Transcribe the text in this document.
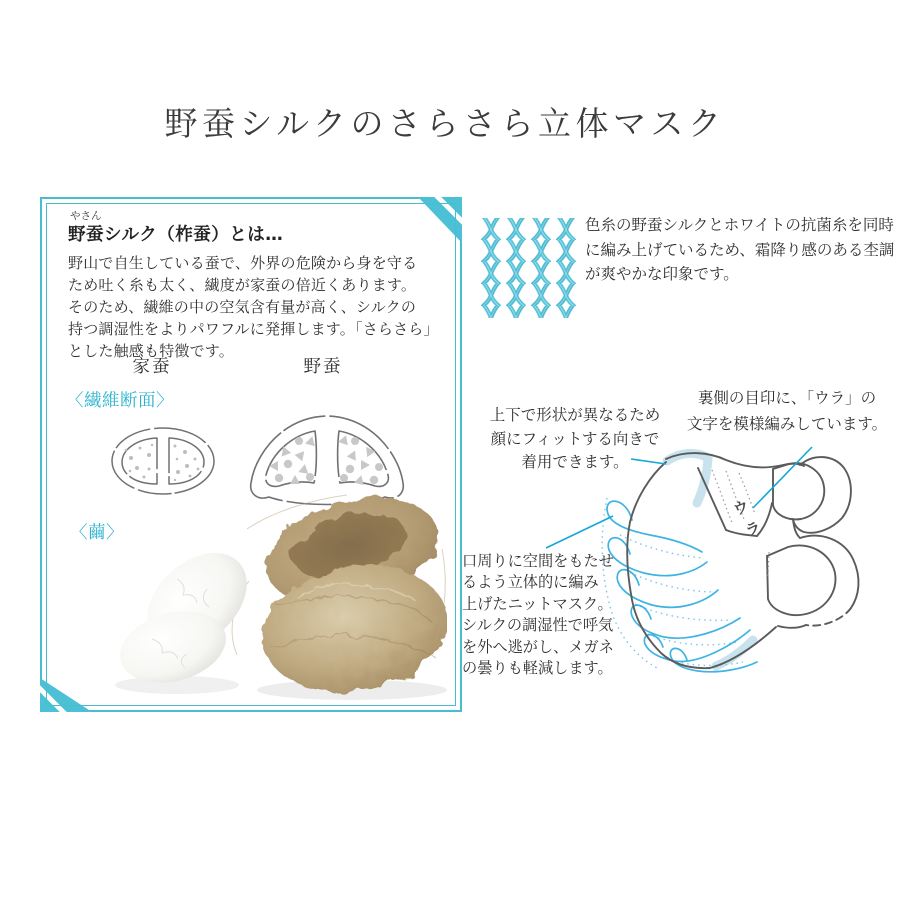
野蚕シルクのさらさら立体マスク
やさん
野蚕シルク（柞蚕）とは…
野山で自生している蚕で、外界の危険から身を守る
ため吐く糸も太く、繊度が家蚕の倍近くあります。
そのため、繊維の中の空気含有量が高く、シルクの
持つ調湿性をよりパワフルに発揮します。「さらさら」
とした触感も特徴です。
家蚕	野蚕
〈繊維断面〉
〈繭〉
色糸の野蚕シルクとホワイトの抗菌糸を同時
に編み上げているため、霜降り感のある杢調
が爽やかな印象です。
ウ
ラ
裏側の目印に、「ウラ」の
文字を模様編みしています。
上下で形状が異なるため
顔にフィットする向きで
着用できます。
口周りに空間をもたせ
るよう立体的に編み
上げたニットマスク。
シルクの調湿性で呼気
を外へ逃がし、メガネ
の曇りも軽減します。
